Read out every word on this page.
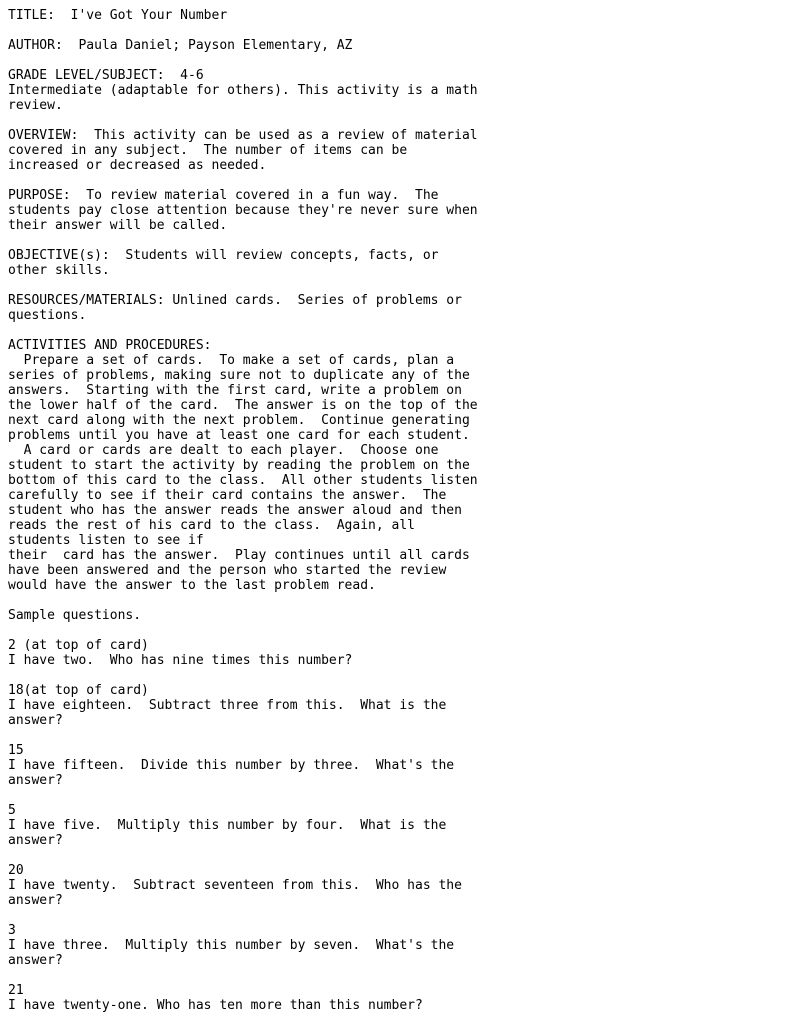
TITLE:  I've Got Your Number

AUTHOR:  Paula Daniel; Payson Elementary, AZ

GRADE LEVEL/SUBJECT:  4-6
Intermediate (adaptable for others). This activity is a math
review.

OVERVIEW:  This activity can be used as a review of material
covered in any subject.  The number of items can be
increased or decreased as needed.

PURPOSE:  To review material covered in a fun way.  The
students pay close attention because they're never sure when
their answer will be called.

OBJECTIVE(s):  Students will review concepts, facts, or
other skills.

RESOURCES/MATERIALS: Unlined cards.  Series of problems or
questions.

ACTIVITIES AND PROCEDURES:
Prepare a set of cards.  To make a set of cards, plan a
series of problems, making sure not to duplicate any of the
answers.  Starting with the first card, write a problem on
the lower half of the card.  The answer is on the top of the
next card along with the next problem.  Continue generating
problems until you have at least one card for each student.
A card or cards are dealt to each player.  Choose one
student to start the activity by reading the problem on the
bottom of this card to the class.  All other students listen
carefully to see if their card contains the answer.  The
student who has the answer reads the answer aloud and then
reads the rest of his card to the class.  Again, all
students listen to see if
their  card has the answer.  Play continues until all cards
have been answered and the person who started the review
would have the answer to the last problem read.

Sample questions.

2 (at top of card)
I have two.  Who has nine times this number?

18(at top of card)
I have eighteen.  Subtract three from this.  What is the
answer?

15
I have fifteen.  Divide this number by three.  What's the
answer?

5
I have five.  Multiply this number by four.  What is the
answer?

20
I have twenty.  Subtract seventeen from this.  Who has the
answer?

3
I have three.  Multiply this number by seven.  What's the
answer?

21
I have twenty-one. Who has ten more than this number?
